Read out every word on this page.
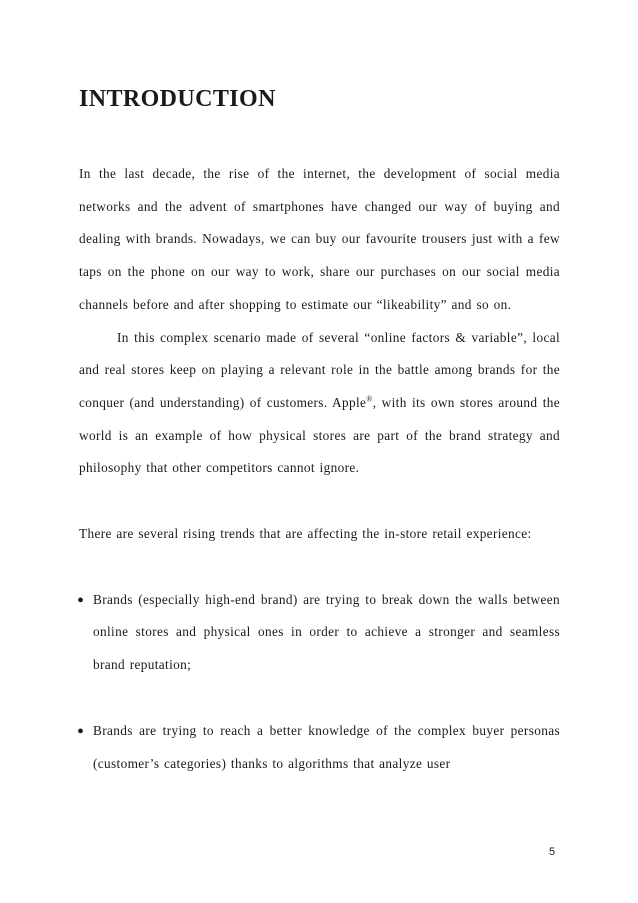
INTRODUCTION

In the last decade, the rise of the internet, the development of social media networks and the advent of smartphones have changed our way of buying and dealing with brands. Nowadays, we can buy our favourite trousers just with a few taps on the phone on our way to work, share our purchases on our social media channels before and after shopping to estimate our “likeability” and so on.

In this complex scenario made of several “online factors & variable”, local and real stores keep on playing a relevant role in the battle among brands for the conquer (and understanding) of customers. Apple®, with its own stores around the world is an example of how physical stores are part of the brand strategy and philosophy that other competitors cannot ignore.

There are several rising trends that are affecting the in-store retail experience:

• Brands (especially high-end brand) are trying to break down the walls between online stores and physical ones in order to achieve a stronger and seamless brand reputation;
• Brands are trying to reach a better knowledge of the complex buyer personas (customer’s categories) thanks to algorithms that analyze user
5
